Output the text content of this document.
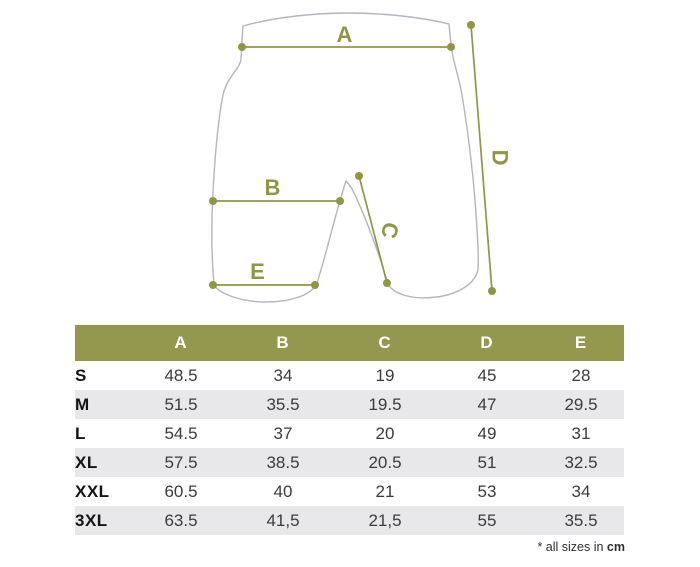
A
B
C
D
E
	A	B	C	D	E
S	48.5	34	19	45	28
M	51.5	35.5	19.5	47	29.5
L	54.5	37	20	49	31
XL	57.5	38.5	20.5	51	32.5
XXL	60.5	40	21	53	34
3XL	63.5	41,5	21,5	55	35.5
* all sizes in cm
